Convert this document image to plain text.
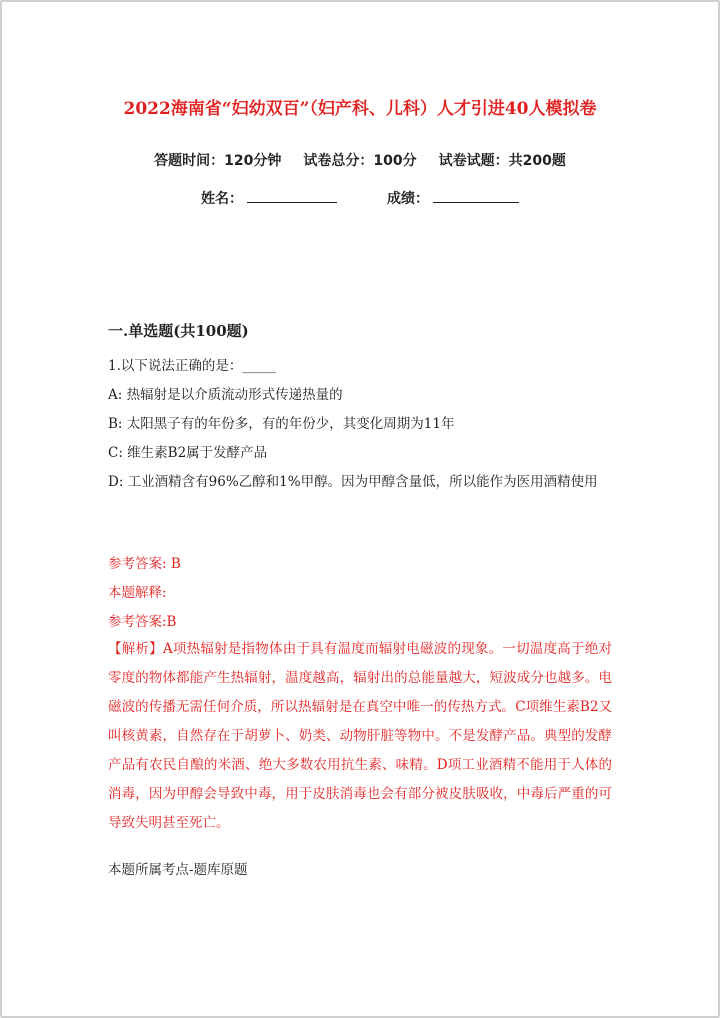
2022海南省“妇幼双百”（妇产科、儿科）人才引进40人模拟卷
答题时间：120分钟 试卷总分：100分 试卷试题：共200题
姓名：	成绩：
一.单选题(共100题)
1.以下说法正确的是：_____
A: 热辐射是以介质流动形式传递热量的
B: 太阳黑子有的年份多，有的年份少，其变化周期为11年
C: 维生素B2属于发酵产品
D: 工业酒精含有96%乙醇和1%甲醇。因为甲醇含量低，所以能作为医用酒精使用
参考答案: B
本题解释:
参考答案:B
【解析】A项热辐射是指物体由于具有温度而辐射电磁波的现象。一切温度高于绝对零度的物体都能产生热辐射，温度越高，辐射出的总能量越大，短波成分也越多。电磁波的传播无需任何介质，所以热辐射是在真空中唯一的传热方式。C项维生素B2又叫核黄素，自然存在于胡萝卜、奶类、动物肝脏等物中。不是发酵产品。典型的发酵产品有农民自酿的米酒、绝大多数农用抗生素、味精。D项工业酒精不能用于人体的消毒，因为甲醇会导致中毒，用于皮肤消毒也会有部分被皮肤吸收，中毒后严重的可导致失明甚至死亡。
本题所属考点-题库原题
